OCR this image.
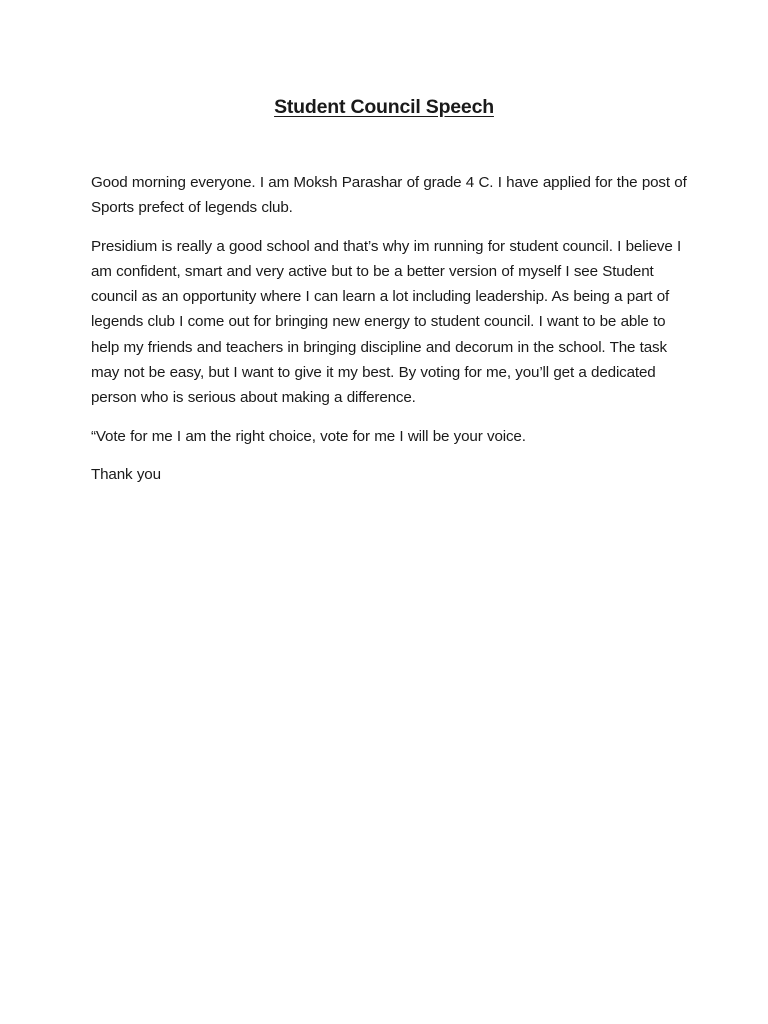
Student Council Speech

Good morning everyone. I am Moksh Parashar of grade 4 C. I have applied for the post of Sports prefect of legends club.

Presidium is really a good school and that’s why im running for student council. I believe I am confident, smart and very active but to be a better version of myself I see Student council as an opportunity where I can learn a lot including leadership. As being a part of legends club I come out for bringing new energy to student council. I want to be able to help my friends and teachers in bringing discipline and decorum in the school. The task may not be easy, but I want to give it my best. By voting for me, you’ll get a dedicated person who is serious about making a difference.

“Vote for me I am the right choice, vote for me I will be your voice.

Thank you
